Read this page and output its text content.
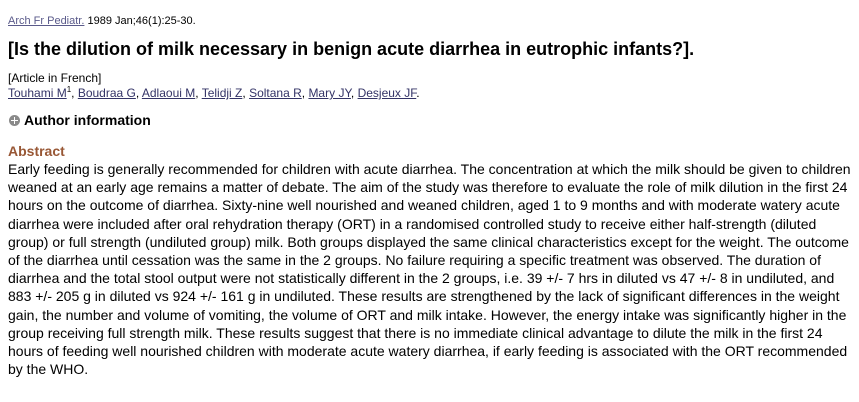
Arch Fr Pediatr. 1989 Jan;46(1):25-30.
[Is the dilution of milk necessary in benign acute diarrhea in eutrophic infants?].
[Article in French]
Touhami $M^1$, Boudraa G, Adlaoui M, Telidji Z, Soltana R, Mary JY, Desjeux JF.
Author information
Abstract

Early feeding is generally recommended for children with acute diarrhea. The concentration at which the milk should be given to children weaned at an early age remains a matter of debate. The aim of the study was therefore to evaluate the role of milk dilution in the first 24 hours on the outcome of diarrhea. Sixty-nine well nourished and weaned children, aged 1 to 9 months and with moderate watery acute diarrhea were included after oral rehydration therapy (ORT) in a randomised controlled study to receive either half-strength (diluted group) or full strength (undiluted group) milk. Both groups displayed the same clinical characteristics except for the weight. The outcome of the diarrhea until cessation was the same in the 2 groups. No failure requiring a specific treatment was observed. The duration of diarrhea and the total stool output were not statistically different in the 2 groups, i.e. 39 +/- 7 hrs in diluted vs 47 +/- 8 in undiluted, and 883 +/- 205 g in diluted vs 924 +/- 161 g in undiluted. These results are strengthened by the lack of significant differences in the weight gain, the number and volume of vomiting, the volume of ORT and milk intake. However, the energy intake was significantly higher in the group receiving full strength milk. These results suggest that there is no immediate clinical advantage to dilute the milk in the first 24 hours of feeding well nourished children with moderate acute watery diarrhea, if early feeding is associated with the ORT recommended by the WHO.
